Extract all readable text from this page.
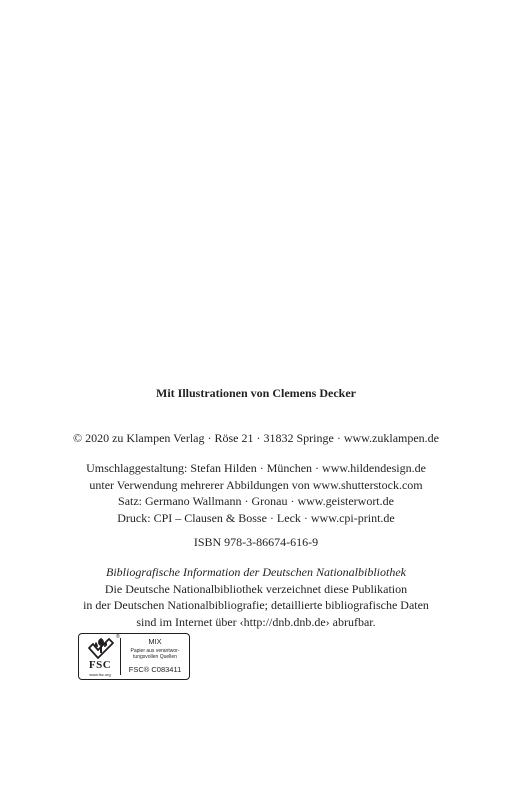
Mit Illustrationen von Clemens Decker

© 2020 zu Klampen Verlag · Röse 21 · 31832 Springe · www.zuklampen.de

Umschlaggestaltung: Stefan Hilden · München · www.hildendesign.de

unter Verwendung mehrerer Abbildungen von www.shutterstock.com

Satz: Germano Wallmann · Gronau · www.geisterwort.de

Druck: CPI – Clausen & Bosse · Leck · www.cpi-print.de

ISBN 978-3-86674-616-9

Bibliografische Information der Deutschen Nationalbibliothek

Die Deutsche Nationalbibliothek verzeichnet diese Publikation

in der Deutschen Nationalbibliografie; detaillierte bibliografische Daten

sind im Internet über ‹http://dnb.dnb.de› abrufbar.

FSC
www.fsc.org
®	MIX
Papier aus verantwor-
tungsvollen Quellen
FSC® C083411
